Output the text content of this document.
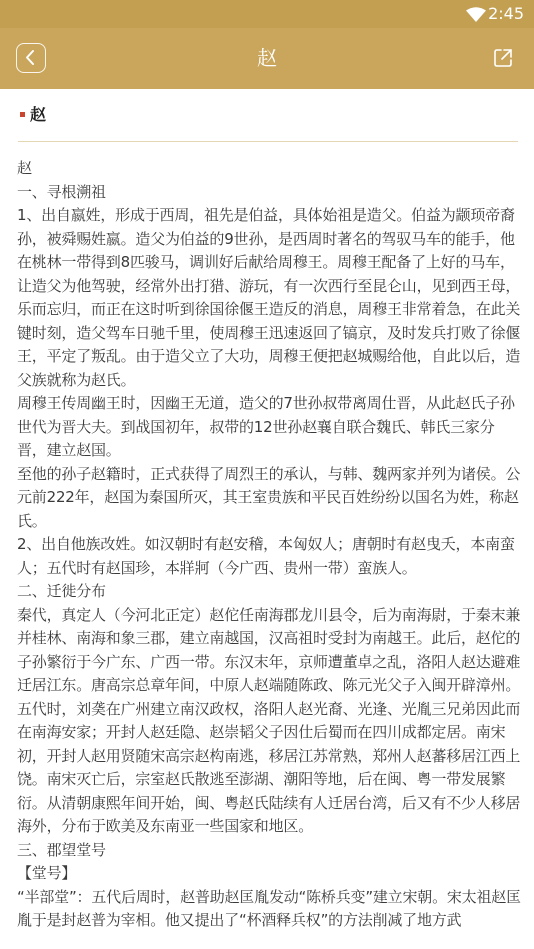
2:45
赵
赵

赵

一、寻根溯祖

1、出自嬴姓，形成于西周，祖先是伯益，具体始祖是造父。伯益为颛顼帝裔孙，被舜赐姓嬴。造父为伯益的9世孙，是西周时著名的驾驭马车的能手，他在桃林一带得到8匹骏马，调训好后献给周穆王。周穆王配备了上好的马车，让造父为他驾驶，经常外出打猎、游玩，有一次西行至昆仑山，见到西王母，乐而忘归，而正在这时听到徐国徐偃王造反的消息，周穆王非常着急，在此关键时刻，造父驾车日驰千里，使周穆王迅速返回了镐京，及时发兵打败了徐偃王，平定了叛乱。由于造父立了大功，周穆王便把赵城赐给他，自此以后，造父族就称为赵氏。

周穆王传周幽王时，因幽王无道，造父的7世孙叔带离周仕晋，从此赵氏子孙世代为晋大夫。到战国初年，叔带的12世孙赵襄自联合魏氏、韩氏三家分晋，建立赵国。

至他的孙子赵籍时，正式获得了周烈王的承认，与韩、魏两家并列为诸侯。公元前222年，赵国为秦国所灭，其王室贵族和平民百姓纷纷以国名为姓，称赵氏。

2、出自他族改姓。如汉朝时有赵安稽，本匈奴人；唐朝时有赵曳夭，本南蛮人；五代时有赵国珍，本牂牁（今广西、贵州一带）蛮族人。

二、迁徙分布

秦代，真定人（今河北正定）赵佗任南海郡龙川县令，后为南海尉，于秦末兼并桂林、南海和象三郡，建立南越国，汉高祖时受封为南越王。此后，赵佗的子孙繁衍于今广东、广西一带。东汉末年，京师遭董卓之乱，洛阳人赵达避难迁居江东。唐高宗总章年间，中原人赵端随陈政、陈元光父子入闽开辟漳州。五代时，刘䶮在广州建立南汉政权，洛阳人赵光裔、光逢、光胤三兄弟因此而在南海安家；开封人赵廷隐、赵崇韬父子因仕后蜀而在四川成都定居。南宋初，开封人赵用贤随宋高宗赵构南逃，移居江苏常熟，郑州人赵蕃移居江西上饶。南宋灭亡后，宗室赵氏散逃至澎湖、潮阳等地，后在闽、粤一带发展繁衍。从清朝康熙年间开始，闽、粤赵氏陆续有人迁居台湾，后又有不少人移居海外，分布于欧美及东南亚一些国家和地区。

三、郡望堂号

【堂号】

“半部堂”：五代后周时，赵普助赵匡胤发动“陈桥兵变”建立宋朝。宋太祖赵匡胤于是封赵普为宰相。他又提出了“杯酒释兵权”的方法削减了地方武
